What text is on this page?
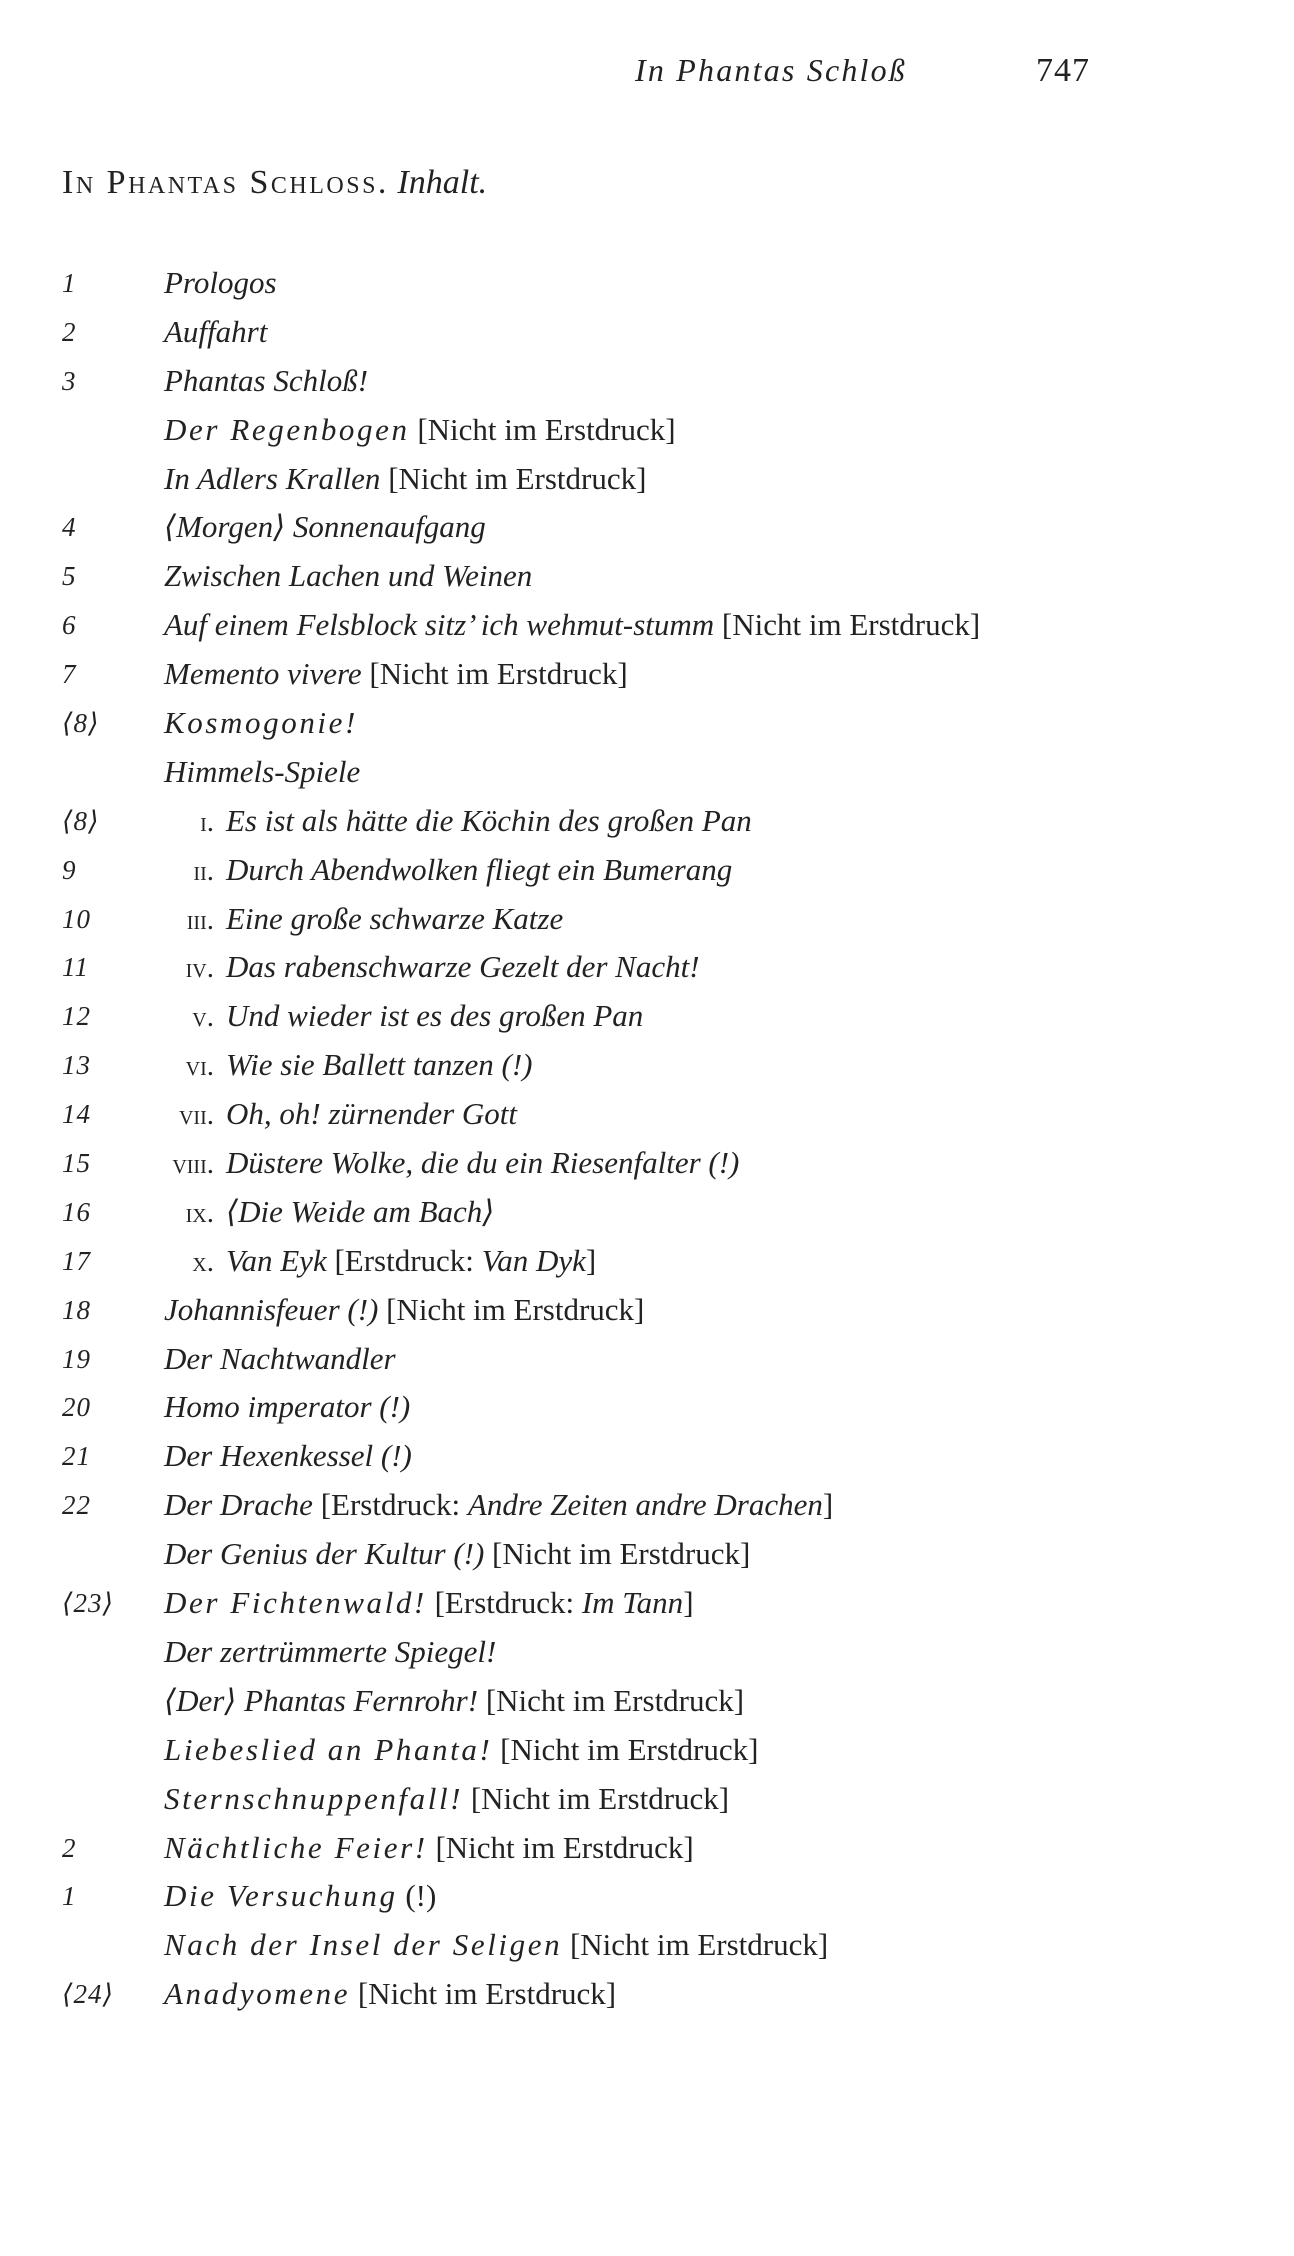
In Phantas Schloß	747
In Phantas Schloss. Inhalt.
1	Prologos
2	Auffahrt
3	Phantas Schloß!
Der Regenbogen [Nicht im Erstdruck]
In Adlers Krallen [Nicht im Erstdruck]
4	⟨Morgen⟩ Sonnenaufgang
5	Zwischen Lachen und Weinen
6	Auf einem Felsblock sitz’ ich wehmut-stumm [Nicht im Erstdruck]
7	Memento vivere [Nicht im Erstdruck]
⟨8⟩ Kosmogonie!
Himmels-Spiele
⟨8⟩	i. Es ist als hätte die Köchin des großen Pan
9	ii. Durch Abendwolken fliegt ein Bumerang
10	iii. Eine große schwarze Katze
11	iv. Das rabenschwarze Gezelt der Nacht!
12	v. Und wieder ist es des großen Pan
13	vi. Wie sie Ballett tanzen (!)
14	vii. Oh, oh! zürnender Gott
15	viii. Düstere Wolke, die du ein Riesenfalter (!)
16	ix. ⟨Die Weide am Bach⟩
17	x. Van Eyk [Erstdruck: Van Dyk]
18 Johannisfeuer (!) [Nicht im Erstdruck]
19 Der Nachtwandler
20 Homo imperator (!)
21 Der Hexenkessel (!)
22 Der Drache [Erstdruck: Andre Zeiten andre Drachen]
Der Genius der Kultur (!) [Nicht im Erstdruck]
⟨23⟩ Der Fichtenwald! [Erstdruck: Im Tann]
Der zertrümmerte Spiegel!
⟨Der⟩ Phantas Fernrohr! [Nicht im Erstdruck]
Liebeslied an Phanta! [Nicht im Erstdruck]
Sternschnuppenfall! [Nicht im Erstdruck]
2	Nächtliche Feier! [Nicht im Erstdruck]
1	Die Versuchung (!)
Nach der Insel der Seligen [Nicht im Erstdruck]
⟨24⟩ Anadyomene [Nicht im Erstdruck]
